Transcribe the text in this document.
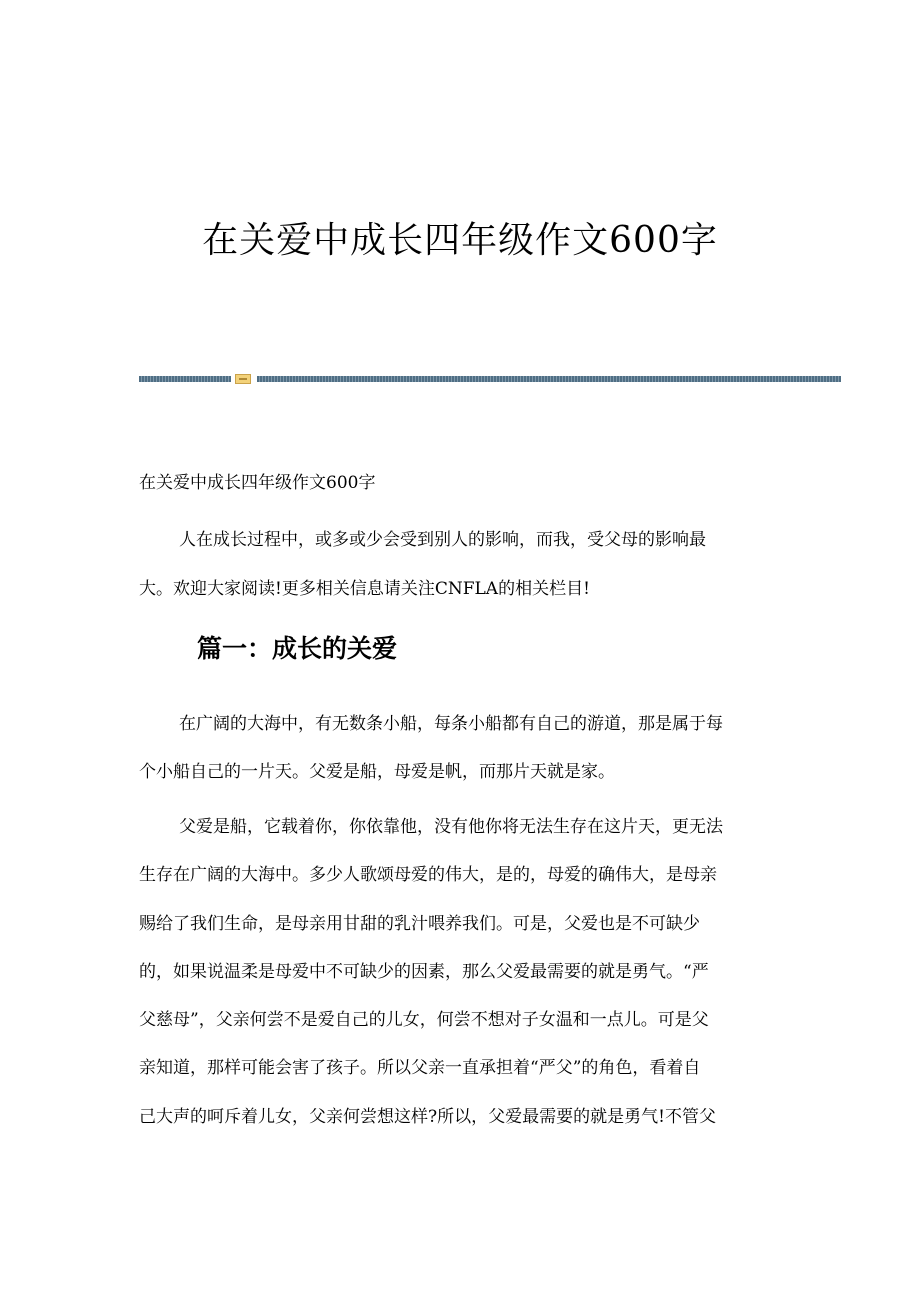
在关爱中成长四年级作文600字
在关爱中成长四年级作文600字
人在成长过程中，或多或少会受到别人的影响，而我，受父母的影响最
大。欢迎大家阅读!更多相关信息请关注CNFLA的相关栏目!
篇一：成长的关爱
在广阔的大海中，有无数条小船，每条小船都有自己的游道，那是属于每
个小船自己的一片天。父爱是船，母爱是帆，而那片天就是家。
父爱是船，它载着你，你依靠他，没有他你将无法生存在这片天，更无法
生存在广阔的大海中。多少人歌颂母爱的伟大，是的，母爱的确伟大，是母亲
赐给了我们生命，是母亲用甘甜的乳汁喂养我们。可是，父爱也是不可缺少
的，如果说温柔是母爱中不可缺少的因素，那么父爱最需要的就是勇气。“严
父慈母”，父亲何尝不是爱自己的儿女，何尝不想对子女温和一点儿。可是父
亲知道，那样可能会害了孩子。所以父亲一直承担着“严父”的角色，看着自
己大声的呵斥着儿女，父亲何尝想这样?所以，父爱最需要的就是勇气!不管父
